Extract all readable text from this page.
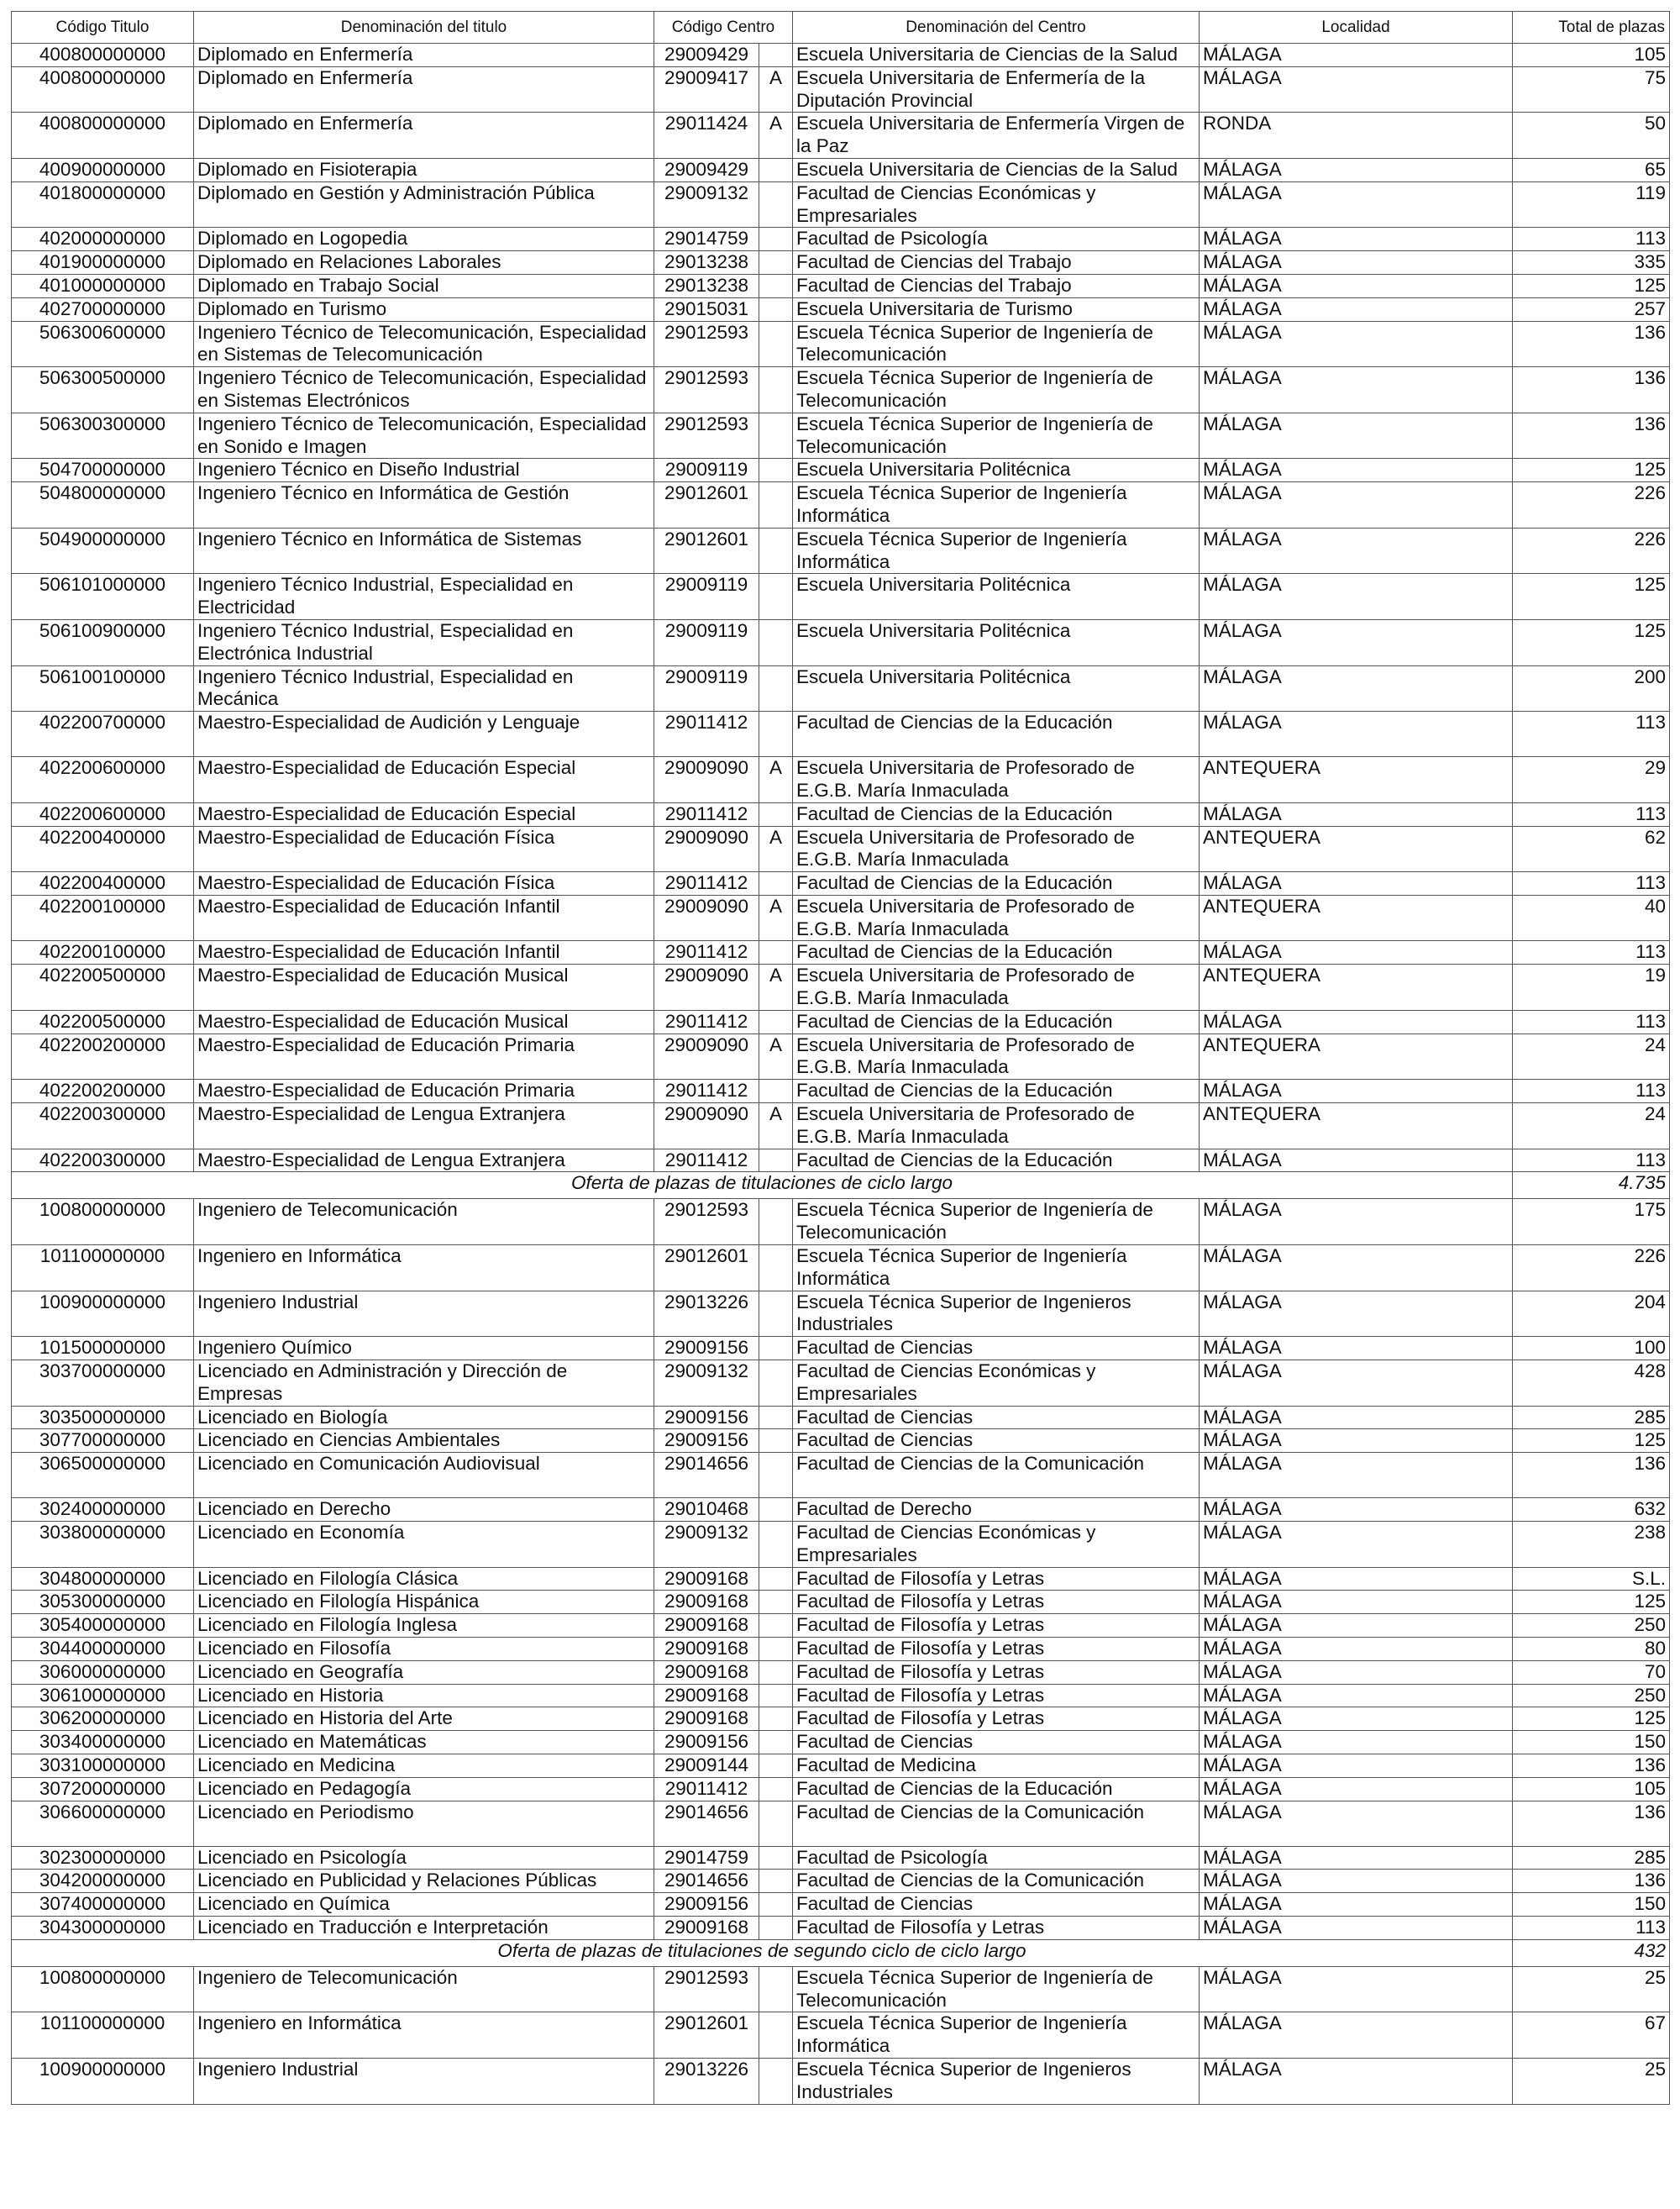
Código Titulo	Denominación del titulo	Código Centro		Denominación del Centro	Localidad	Total de plazas
400800000000	Diplomado en Enfermería	29009429		Escuela Universitaria de Ciencias de la Salud	MÁLAGA	105
400800000000	Diplomado en Enfermería	29009417	A	Escuela Universitaria de Enfermería de la Diputación Provincial	MÁLAGA	75
400800000000	Diplomado en Enfermería	29011424	A	Escuela Universitaria de Enfermería Virgen de la Paz	RONDA	50
400900000000	Diplomado en Fisioterapia	29009429		Escuela Universitaria de Ciencias de la Salud	MÁLAGA	65
401800000000	Diplomado en Gestión y Administración Pública	29009132		Facultad de Ciencias Económicas y Empresariales	MÁLAGA	119
402000000000	Diplomado en Logopedia	29014759		Facultad de Psicología	MÁLAGA	113
401900000000	Diplomado en Relaciones Laborales	29013238		Facultad de Ciencias del Trabajo	MÁLAGA	335
401000000000	Diplomado en Trabajo Social	29013238		Facultad de Ciencias del Trabajo	MÁLAGA	125
402700000000	Diplomado en Turismo	29015031		Escuela Universitaria de Turismo	MÁLAGA	257
506300600000	Ingeniero Técnico de Telecomunicación, Especialidad en Sistemas de Telecomunicación	29012593		Escuela Técnica Superior de Ingeniería de Telecomunicación	MÁLAGA	136
506300500000	Ingeniero Técnico de Telecomunicación, Especialidad en Sistemas Electrónicos	29012593		Escuela Técnica Superior de Ingeniería de Telecomunicación	MÁLAGA	136
506300300000	Ingeniero Técnico de Telecomunicación, Especialidad en Sonido e Imagen	29012593		Escuela Técnica Superior de Ingeniería de Telecomunicación	MÁLAGA	136
504700000000	Ingeniero Técnico en Diseño Industrial	29009119		Escuela Universitaria Politécnica	MÁLAGA	125
504800000000	Ingeniero Técnico en Informática de Gestión	29012601		Escuela Técnica Superior de Ingeniería Informática	MÁLAGA	226
504900000000	Ingeniero Técnico en Informática de Sistemas	29012601		Escuela Técnica Superior de Ingeniería Informática	MÁLAGA	226
506101000000	Ingeniero Técnico Industrial, Especialidad en Electricidad	29009119		Escuela Universitaria Politécnica	MÁLAGA	125
506100900000	Ingeniero Técnico Industrial, Especialidad en Electrónica Industrial	29009119		Escuela Universitaria Politécnica	MÁLAGA	125
506100100000	Ingeniero Técnico Industrial, Especialidad en Mecánica	29009119		Escuela Universitaria Politécnica	MÁLAGA	200
402200700000	Maestro-Especialidad de Audición y Lenguaje	29011412		Facultad de Ciencias de la Educación	MÁLAGA	113
402200600000	Maestro-Especialidad de Educación Especial	29009090	A	Escuela Universitaria de Profesorado de E.G.B. María Inmaculada	ANTEQUERA	29
402200600000	Maestro-Especialidad de Educación Especial	29011412		Facultad de Ciencias de la Educación	MÁLAGA	113
402200400000	Maestro-Especialidad de Educación Física	29009090	A	Escuela Universitaria de Profesorado de E.G.B. María Inmaculada	ANTEQUERA	62
402200400000	Maestro-Especialidad de Educación Física	29011412		Facultad de Ciencias de la Educación	MÁLAGA	113
402200100000	Maestro-Especialidad de Educación Infantil	29009090	A	Escuela Universitaria de Profesorado de E.G.B. María Inmaculada	ANTEQUERA	40
402200100000	Maestro-Especialidad de Educación Infantil	29011412		Facultad de Ciencias de la Educación	MÁLAGA	113
402200500000	Maestro-Especialidad de Educación Musical	29009090	A	Escuela Universitaria de Profesorado de E.G.B. María Inmaculada	ANTEQUERA	19
402200500000	Maestro-Especialidad de Educación Musical	29011412		Facultad de Ciencias de la Educación	MÁLAGA	113
402200200000	Maestro-Especialidad de Educación Primaria	29009090	A	Escuela Universitaria de Profesorado de E.G.B. María Inmaculada	ANTEQUERA	24
402200200000	Maestro-Especialidad de Educación Primaria	29011412		Facultad de Ciencias de la Educación	MÁLAGA	113
402200300000	Maestro-Especialidad de Lengua Extranjera	29009090	A	Escuela Universitaria de Profesorado de E.G.B. María Inmaculada	ANTEQUERA	24
402200300000	Maestro-Especialidad de Lengua Extranjera	29011412		Facultad de Ciencias de la Educación	MÁLAGA	113
Oferta de plazas de titulaciones de ciclo largo						4.735
100800000000	Ingeniero de Telecomunicación	29012593		Escuela Técnica Superior de Ingeniería de Telecomunicación	MÁLAGA	175
101100000000	Ingeniero en Informática	29012601		Escuela Técnica Superior de Ingeniería Informática	MÁLAGA	226
100900000000	Ingeniero Industrial	29013226		Escuela Técnica Superior de Ingenieros Industriales	MÁLAGA	204
101500000000	Ingeniero Químico	29009156		Facultad de Ciencias	MÁLAGA	100
303700000000	Licenciado en Administración y Dirección de Empresas	29009132		Facultad de Ciencias Económicas y Empresariales	MÁLAGA	428
303500000000	Licenciado en Biología	29009156		Facultad de Ciencias	MÁLAGA	285
307700000000	Licenciado en Ciencias Ambientales	29009156		Facultad de Ciencias	MÁLAGA	125
306500000000	Licenciado en Comunicación Audiovisual	29014656		Facultad de Ciencias de la Comunicación	MÁLAGA	136
302400000000	Licenciado en Derecho	29010468		Facultad de Derecho	MÁLAGA	632
303800000000	Licenciado en Economía	29009132		Facultad de Ciencias Económicas y Empresariales	MÁLAGA	238
304800000000	Licenciado en Filología Clásica	29009168		Facultad de Filosofía y Letras	MÁLAGA	S.L.
305300000000	Licenciado en Filología Hispánica	29009168		Facultad de Filosofía y Letras	MÁLAGA	125
305400000000	Licenciado en Filología Inglesa	29009168		Facultad de Filosofía y Letras	MÁLAGA	250
304400000000	Licenciado en Filosofía	29009168		Facultad de Filosofía y Letras	MÁLAGA	80
306000000000	Licenciado en Geografía	29009168		Facultad de Filosofía y Letras	MÁLAGA	70
306100000000	Licenciado en Historia	29009168		Facultad de Filosofía y Letras	MÁLAGA	250
306200000000	Licenciado en Historia del Arte	29009168		Facultad de Filosofía y Letras	MÁLAGA	125
303400000000	Licenciado en Matemáticas	29009156		Facultad de Ciencias	MÁLAGA	150
303100000000	Licenciado en Medicina	29009144		Facultad de Medicina	MÁLAGA	136
307200000000	Licenciado en Pedagogía	29011412		Facultad de Ciencias de la Educación	MÁLAGA	105
306600000000	Licenciado en Periodismo	29014656		Facultad de Ciencias de la Comunicación	MÁLAGA	136
302300000000	Licenciado en Psicología	29014759		Facultad de Psicología	MÁLAGA	285
304200000000	Licenciado en Publicidad y Relaciones Públicas	29014656		Facultad de Ciencias de la Comunicación	MÁLAGA	136
307400000000	Licenciado en Química	29009156		Facultad de Ciencias	MÁLAGA	150
304300000000	Licenciado en Traducción e Interpretación	29009168		Facultad de Filosofía y Letras	MÁLAGA	113
Oferta de plazas de titulaciones de segundo ciclo de ciclo largo						432
100800000000	Ingeniero de Telecomunicación	29012593		Escuela Técnica Superior de Ingeniería de Telecomunicación	MÁLAGA	25
101100000000	Ingeniero en Informática	29012601		Escuela Técnica Superior de Ingeniería Informática	MÁLAGA	67
100900000000	Ingeniero Industrial	29013226		Escuela Técnica Superior de Ingenieros Industriales	MÁLAGA	25
